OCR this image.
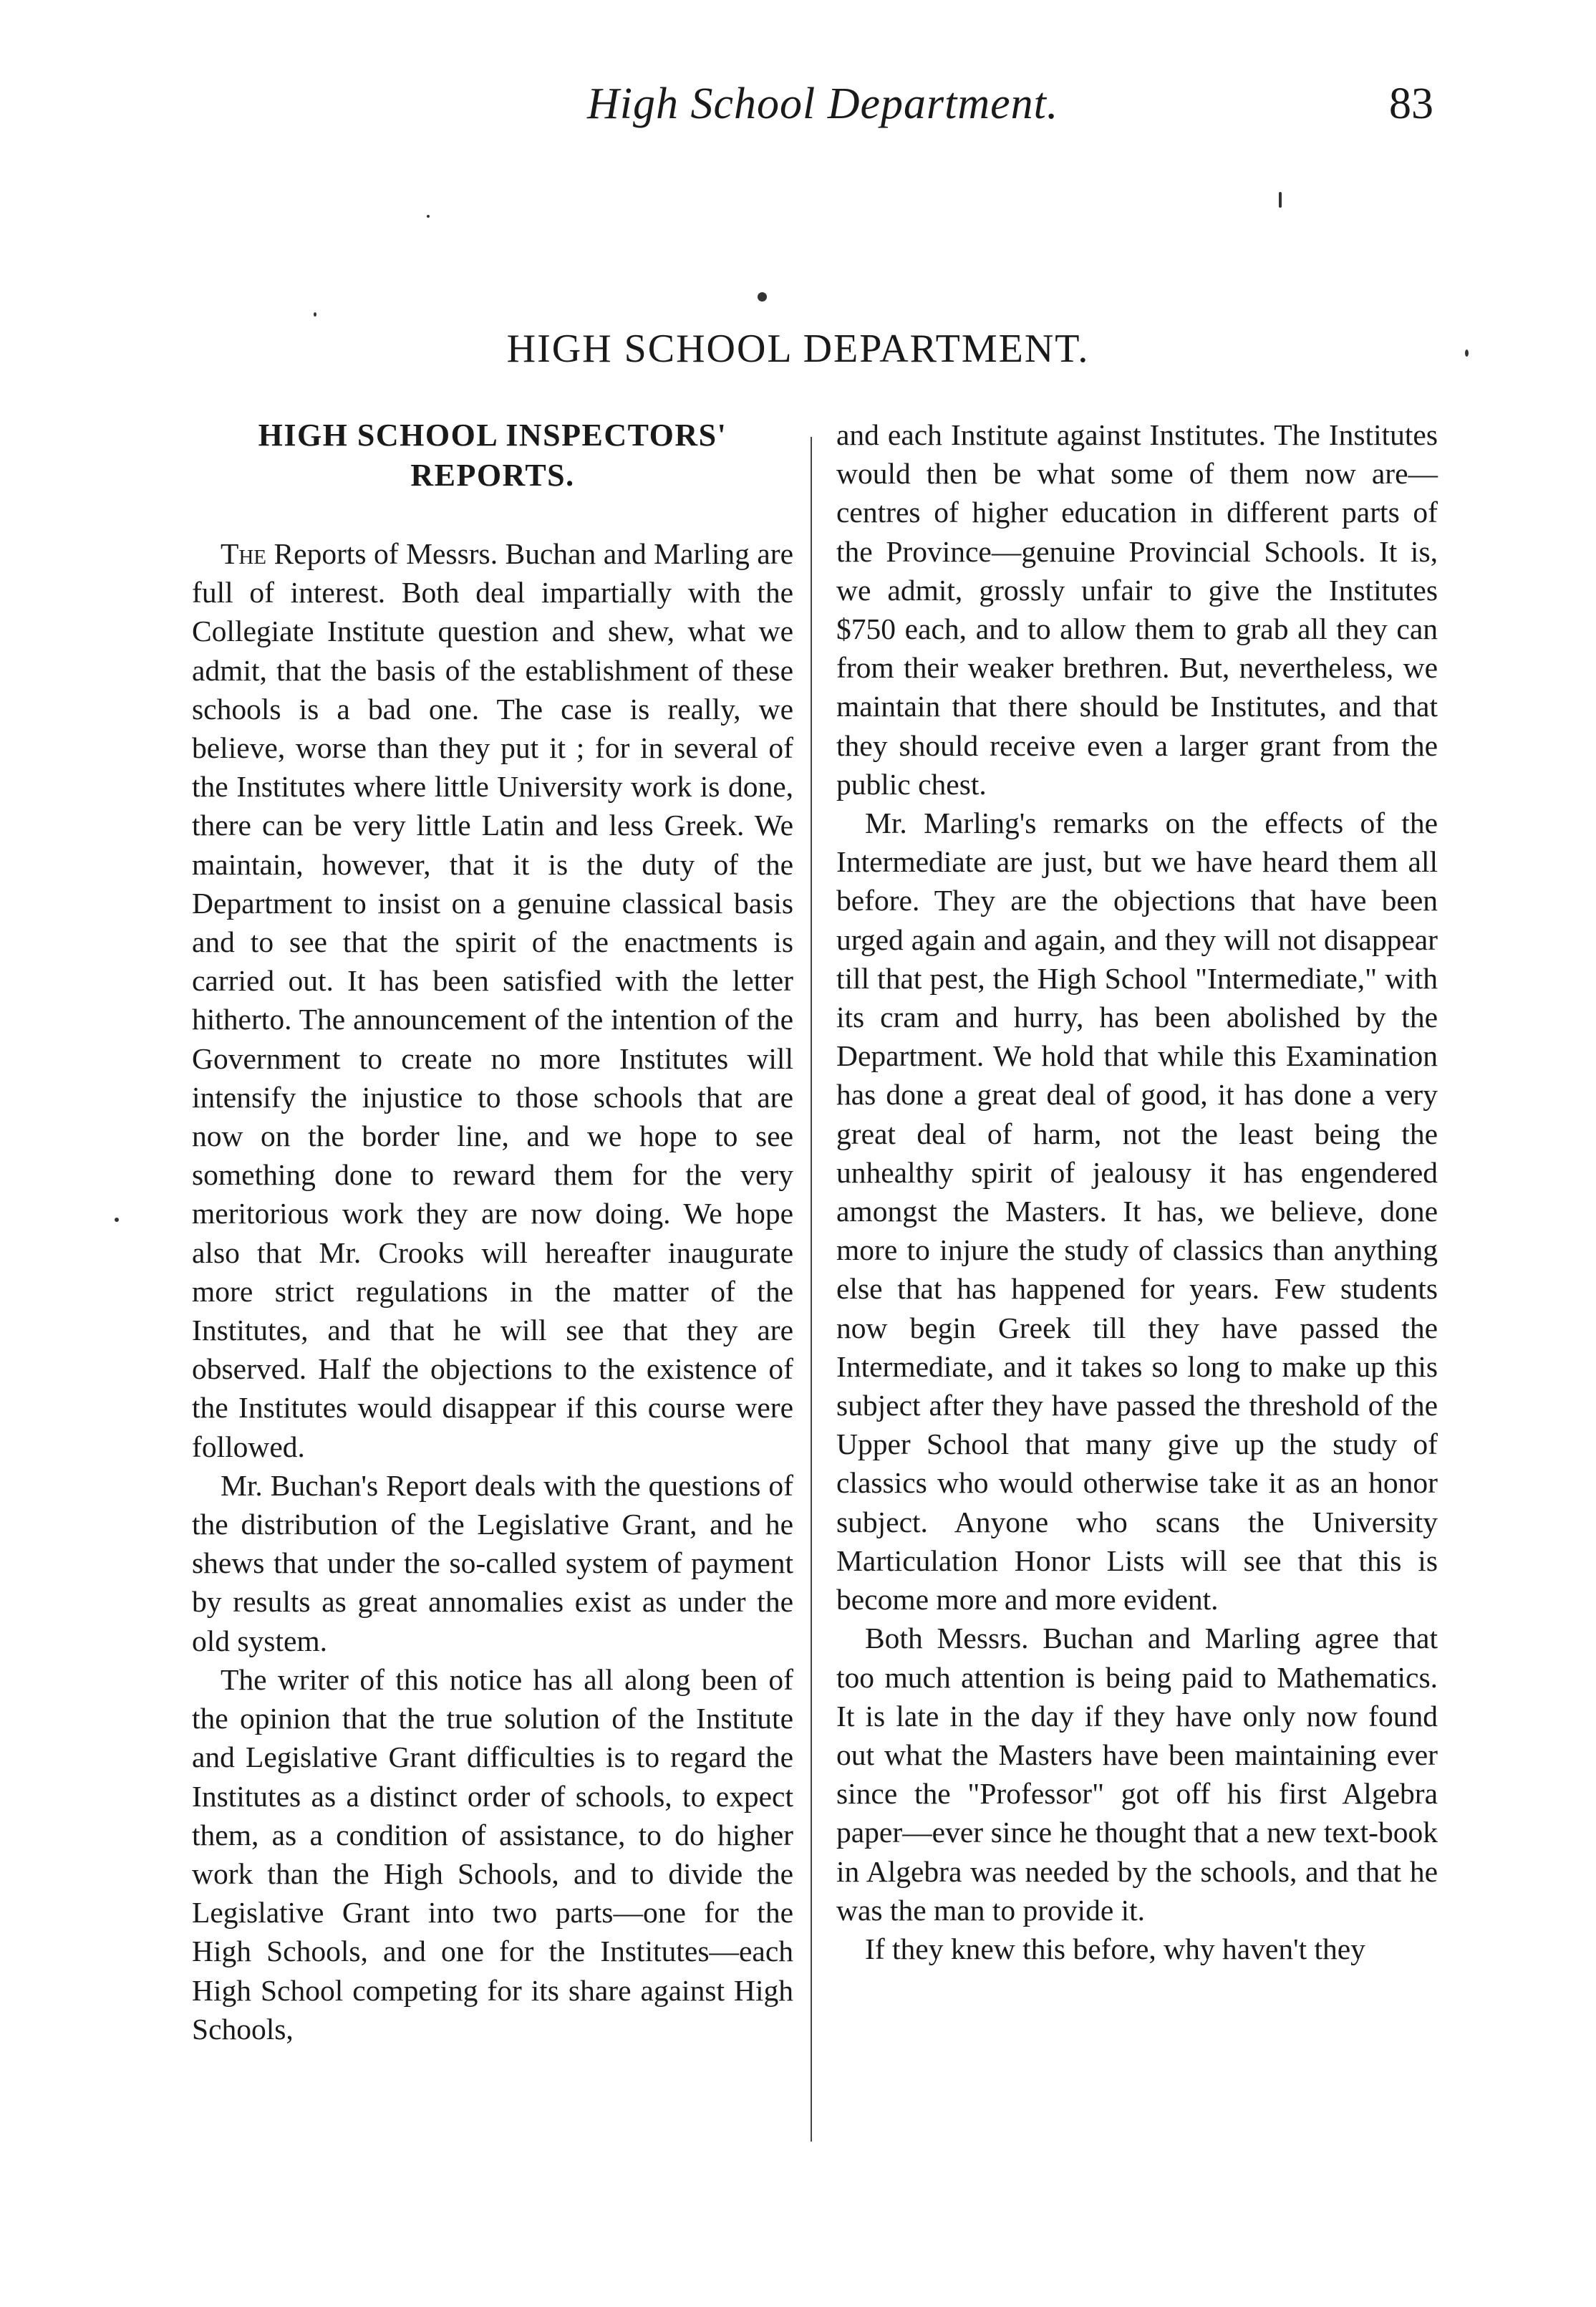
High School Department.	83
HIGH SCHOOL DEPARTMENT.
HIGH SCHOOL INSPECTORS' REPORTS.

The Reports of Messrs. Buchan and Marling are full of interest. Both deal impartially with the Collegiate Institute question and shew, what we admit, that the basis of the establishment of these schools is a bad one. The case is really, we believe, worse than they put it ; for in several of the Institutes where little University work is done, there can be very little Latin and less Greek. We maintain, however, that it is the duty of the Department to insist on a genuine classical basis and to see that the spirit of the enactments is carried out. It has been satisfied with the letter hitherto. The announcement of the intention of the Government to create no more Institutes will intensify the injustice to those schools that are now on the border line, and we hope to see something done to reward them for the very meritorious work they are now doing. We hope also that Mr. Crooks will hereafter inaugurate more strict regulations in the matter of the Institutes, and that he will see that they are observed. Half the objections to the existence of the Institutes would disappear if this course were followed.

Mr. Buchan's Report deals with the questions of the distribution of the Legislative Grant, and he shews that under the so-called system of payment by results as great annomalies exist as under the old system.

The writer of this notice has all along been of the opinion that the true solution of the Institute and Legislative Grant difficulties is to regard the Institutes as a distinct order of schools, to expect them, as a condition of assistance, to do higher work than the High Schools, and to divide the Legislative Grant into two parts—one for the High Schools, and one for the Institutes—each High School competing for its share against High Schools,

and each Institute against Institutes. The Institutes would then be what some of them now are—centres of higher education in different parts of the Province—genuine Provincial Schools. It is, we admit, grossly unfair to give the Institutes $750 each, and to allow them to grab all they can from their weaker brethren. But, nevertheless, we maintain that there should be Institutes, and that they should receive even a larger grant from the public chest.

Mr. Marling's remarks on the effects of the Intermediate are just, but we have heard them all before. They are the objections that have been urged again and again, and they will not disappear till that pest, the High School "Intermediate," with its cram and hurry, has been abolished by the Department. We hold that while this Examination has done a great deal of good, it has done a very great deal of harm, not the least being the unhealthy spirit of jealousy it has engendered amongst the Masters. It has, we believe, done more to injure the study of classics than anything else that has happened for years. Few students now begin Greek till they have passed the Intermediate, and it takes so long to make up this subject after they have passed the threshold of the Upper School that many give up the study of classics who would otherwise take it as an honor subject. Anyone who scans the University Marticulation Honor Lists will see that this is become more and more evident.

Both Messrs. Buchan and Marling agree that too much attention is being paid to Mathematics. It is late in the day if they have only now found out what the Masters have been maintaining ever since the "Professor" got off his first Algebra paper—ever since he thought that a new text-book in Algebra was needed by the schools, and that he was the man to provide it.

If they knew this before, why haven't they
